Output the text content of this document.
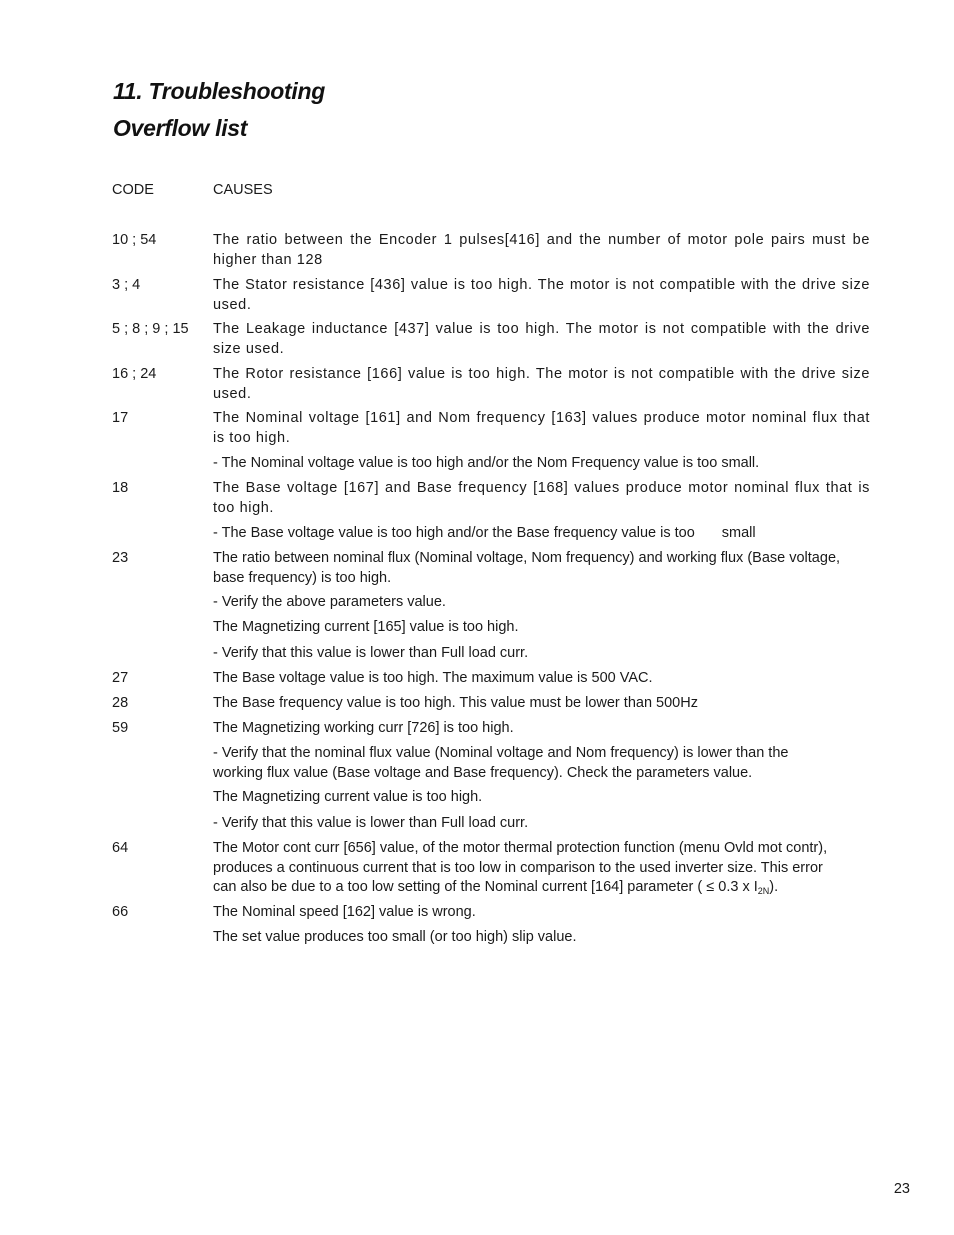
11. Troubleshooting
Overflow list
CODE	CAUSES
10 ; 54	The ratio between the Encoder 1 pulses[416] and the number of motor pole pairs must be higher than 128
3 ; 4	The Stator resistance [436] value is too high. The motor is not compatible with the drive size used.
5 ; 8 ; 9 ; 15	The Leakage inductance [437] value is too high. The motor is not compatible with the drive size used.
16 ; 24	The Rotor resistance [166] value is too high. The motor is not compatible with the drive size used.
17	The Nominal voltage [161] and Nom frequency [163] values produce motor nominal flux that is too high.
- The Nominal voltage value is too high and/or the Nom Frequency value is too small.
18	The Base voltage [167] and Base frequency [168] values produce motor nominal flux that is too high.
- The Base voltage value is too high and/or the Base frequency value is too small
23	The ratio between nominal flux (Nominal voltage, Nom frequency) and working flux (Base voltage, base frequency) is too high.
- Verify the above parameters value.
The Magnetizing current [165] value is too high.
- Verify that this value is lower than Full load curr.
27	The Base voltage value is too high. The maximum value is 500 VAC.
28	The Base frequency value is too high. This value must be lower than 500Hz
59	The Magnetizing working curr [726] is too high.
- Verify that the nominal flux value (Nominal voltage and Nom frequency) is lower than the working flux value (Base voltage and Base frequency). Check the parameters value.
The Magnetizing current value is too high.
- Verify that this value is lower than Full load curr.
64	The Motor cont curr [656] value, of the motor thermal protection function (menu Ovld mot contr), produces a continuous current that is too low in comparison to the used inverter size. This error can also be due to a too low setting of the Nominal current [164] parameter ( ≤ 0.3 x $I_{2N}$).
66	The Nominal speed [162] value is wrong.
The set value produces too small (or too high) slip value.
23
